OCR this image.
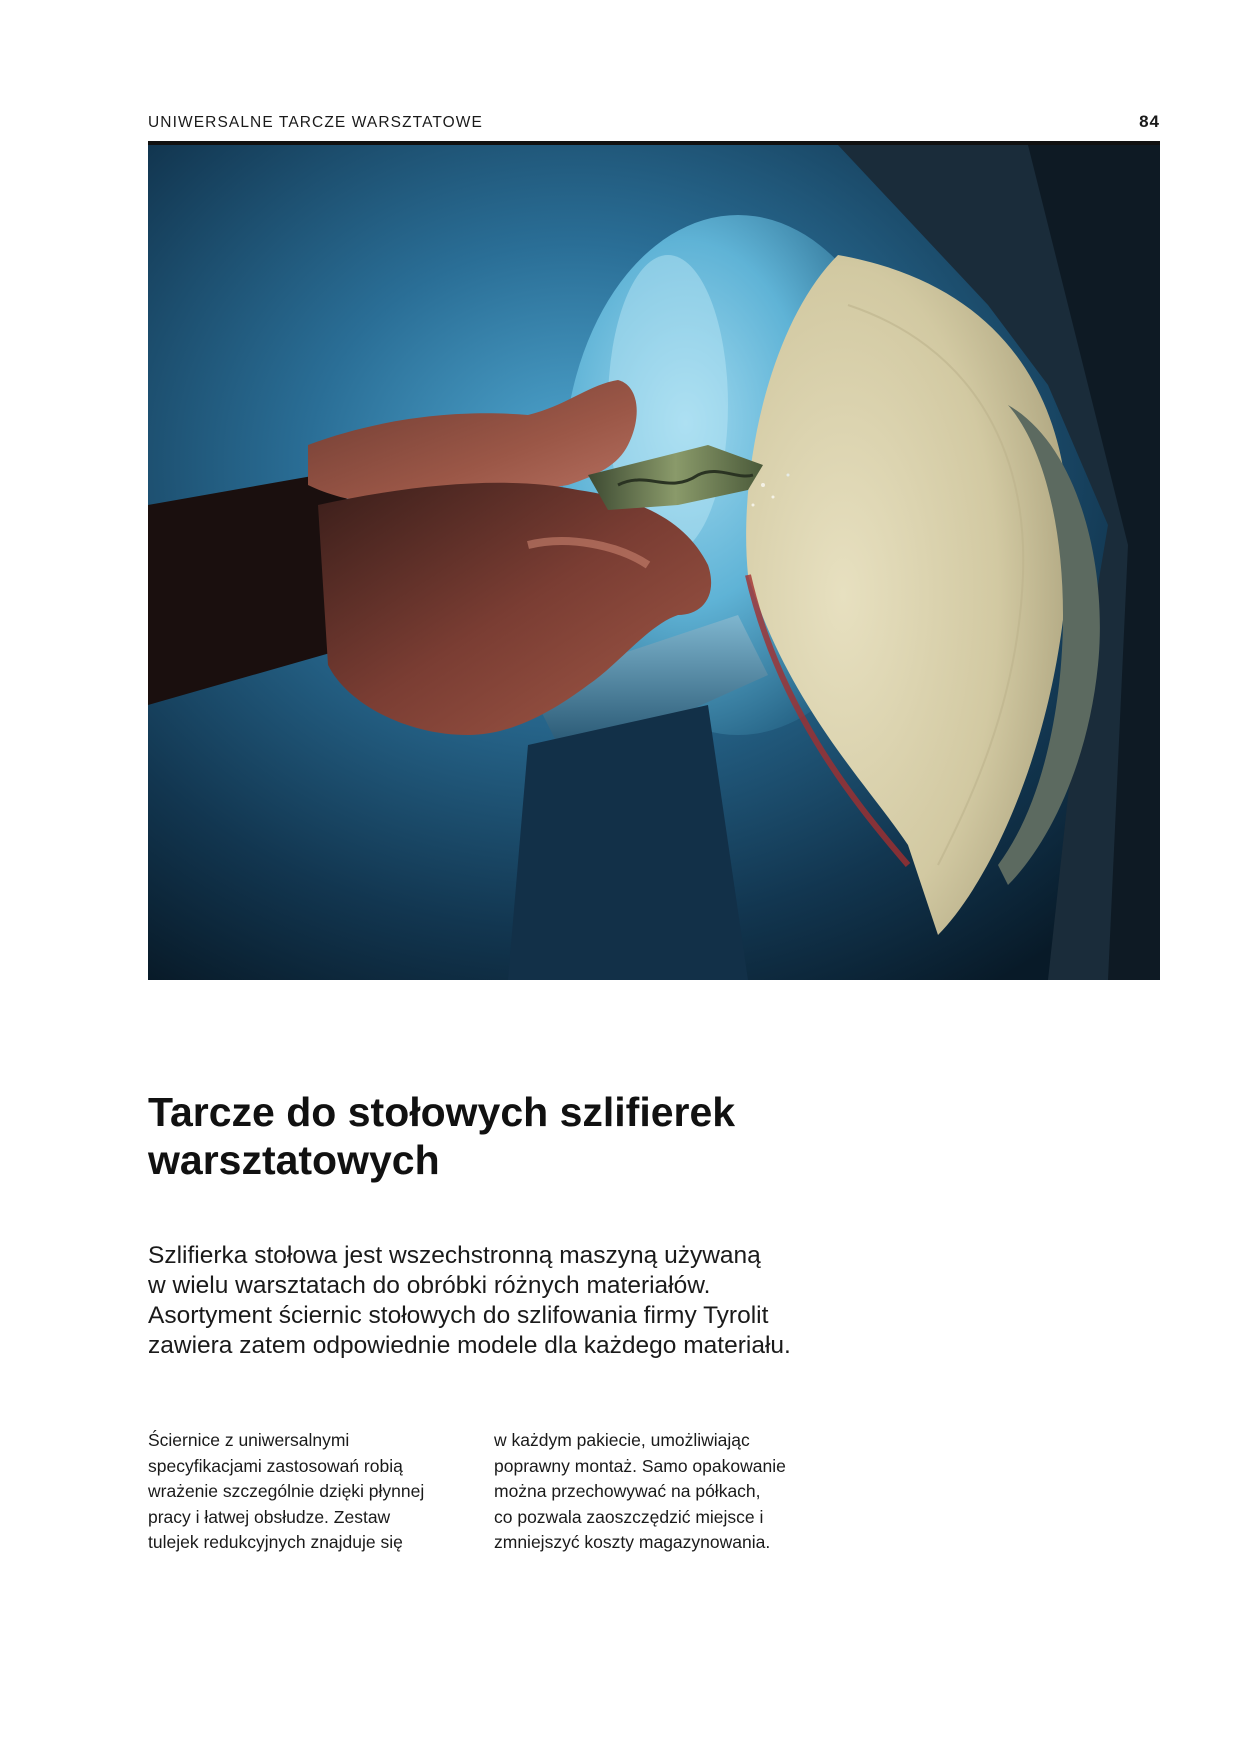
UNIWERSALNE TARCZE WARSZTATOWE	84
Tarcze do stołowych szlifierek
warsztatowych
Szlifierka stołowa jest wszechstronną maszyną używaną
w wielu warsztatach do obróbki różnych materiałów.
Asortyment ściernic stołowych do szlifowania firmy Tyrolit
zawiera zatem odpowiednie modele dla każdego materiału.
Ściernice z uniwersalnymi
specyfikacjami zastosowań robią
wrażenie szczególnie dzięki płynnej
pracy i łatwej obsłudze. Zestaw
tulejek redukcyjnych znajduje się
w każdym pakiecie, umożliwiając
poprawny montaż. Samo opakowanie
można przechowywać na półkach,
co pozwala zaoszczędzić miejsce i
zmniejszyć koszty magazynowania.
